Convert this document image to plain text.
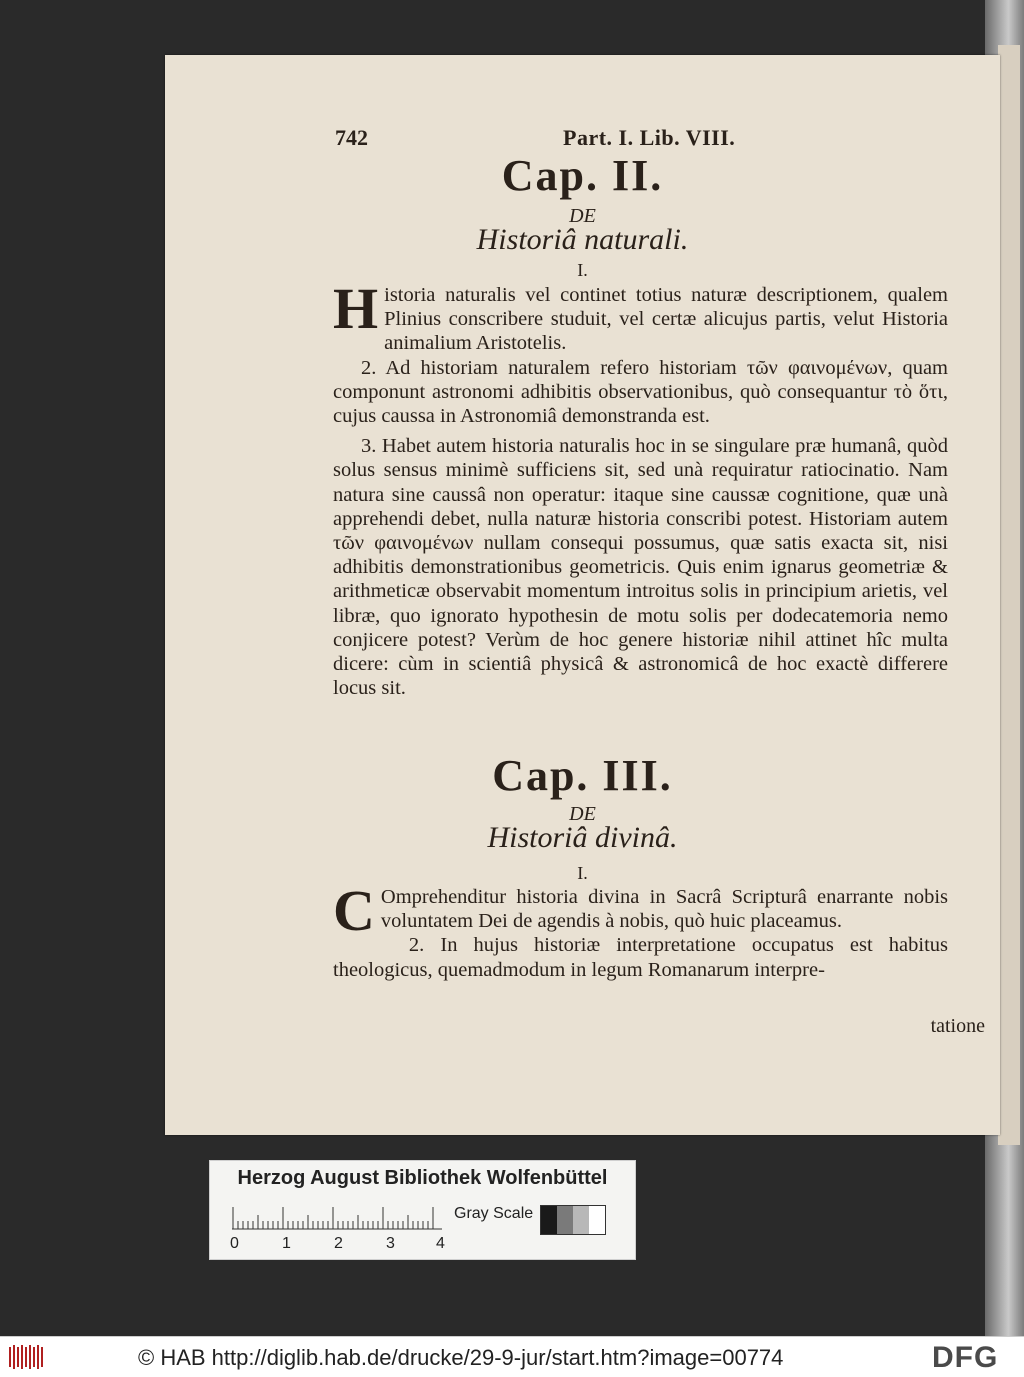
742	Part. I. Lib. VIII.
Cap. II.
DE
Historiâ naturali.
I.

Historia naturalis vel continet totius naturæ descriptionem, qualem Plinius conscribere studuit, vel certæ alicujus partis, velut Historia animalium Aristotelis.

2. Ad historiam naturalem refero historiam τῶν φαινομένων, quam componunt astronomi adhibitis observationibus, quò consequantur τὸ ὅτι, cujus caussa in Astronomiâ demonstranda est.

3. Habet autem historia naturalis hoc in se singulare præ humanâ, quòd solus sensus minimè sufficiens sit, sed unà requiratur ratiocinatio. Nam natura sine caussâ non operatur: itaque sine caussæ cognitione, quæ unà apprehendi debet, nulla naturæ historia conscribi potest. Historiam autem τῶν φαινομένων nullam consequi possumus, quæ satis exacta sit, nisi adhibitis demonstrationibus geometricis. Quis enim ignarus geometriæ & arithmeticæ observabit momentum introitus solis in principium arietis, vel libræ, quo ignorato hypothesin de motu solis per dodecatemoria nemo conjicere potest? Verùm de hoc genere historiæ nihil attinet hîc multa dicere: cùm in scientiâ physicâ & astronomicâ de hoc exactè differere locus sit.

Cap. III.
DE
Historiâ divinâ.
I.

C Omprehenditur historia divina in Sacrâ Scripturâ enarrante nobis voluntatem Dei de agendis à nobis, quò huic placeamus.

2. In hujus historiæ interpretatione occupatus est habitus theologicus, quemadmodum in legum Romanarum interpre-

tatione
Herzog August Bibliothek Wolfenbüttel
0	1	2	3	4
Gray Scale
© HAB http://diglib.hab.de/drucke/29-9-jur/start.htm?image=00774	DFG
